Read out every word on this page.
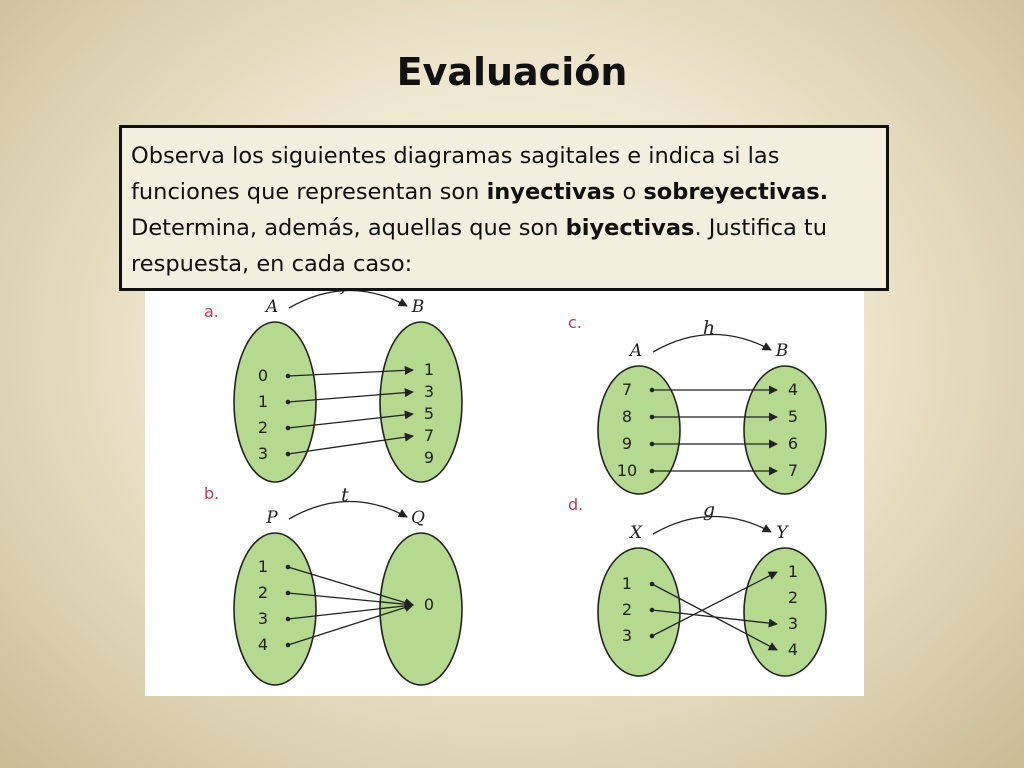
Evaluación
a.	A	B
0
1
2
3
1
3
5
7
9
b.
P	Q
t
1
2
3
4
0
c.
A	B
h
7
8
9
10
4
5
6
7
d.
X	Y
g
1
2
3
1
2
3
4

Observa los siguientes diagramas sagitales e indica si las funciones que representan son inyectivas o sobreyectivas. Determina, además, aquellas que son biyectivas. Justifica tu respuesta, en cada caso:
